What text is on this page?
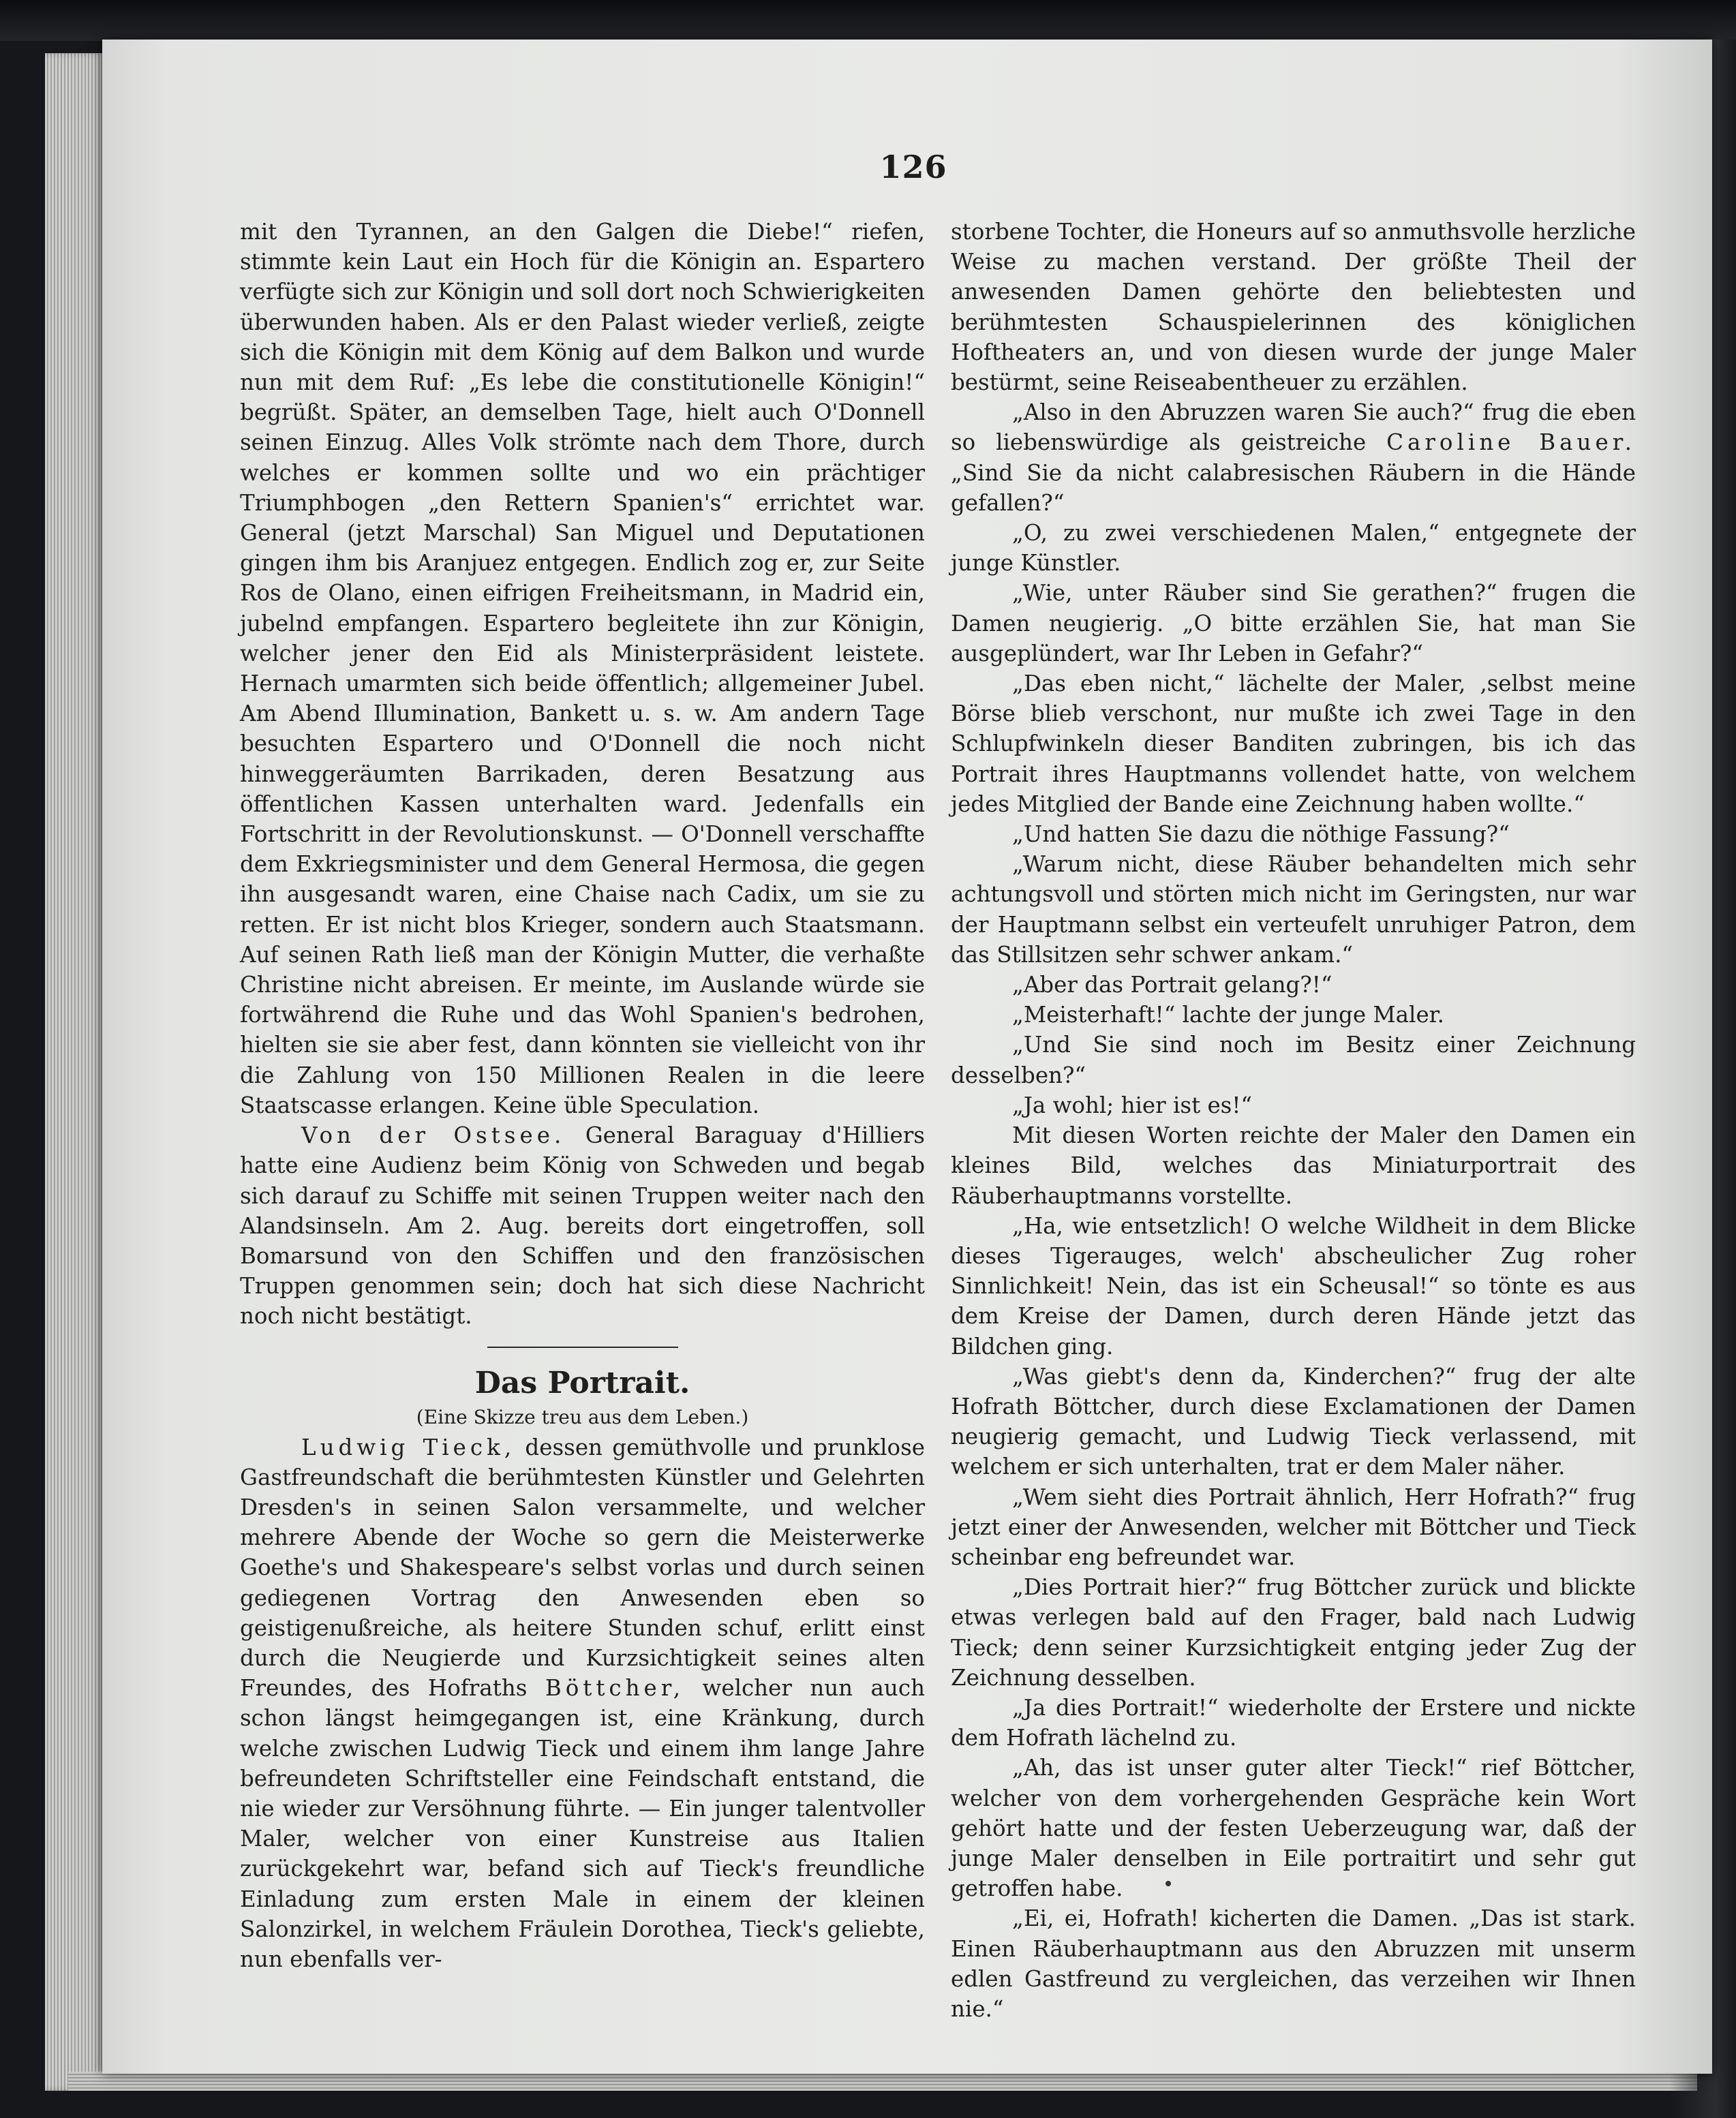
126

mit den Tyrannen, an den Galgen die Diebe!“ riefen, stimmte kein Laut ein Hoch für die Königin an. Espartero verfügte sich zur Königin und soll dort noch Schwierigkeiten überwunden haben. Als er den Palast wieder verließ, zeigte sich die Königin mit dem König auf dem Balkon und wurde nun mit dem Ruf: „Es lebe die constitutionelle Königin!“ begrüßt. Später, an demselben Tage, hielt auch O'Donnell seinen Einzug. Alles Volk strömte nach dem Thore, durch welches er kommen sollte und wo ein prächtiger Triumphbogen „den Rettern Spanien's“ errichtet war. General (jetzt Marschal) San Miguel und Deputationen gingen ihm bis Aranjuez entgegen. Endlich zog er, zur Seite Ros de Olano, einen eifrigen Freiheitsmann, in Madrid ein, jubelnd empfangen. Espartero begleitete ihn zur Königin, welcher jener den Eid als Ministerpräsident leistete. Hernach umarmten sich beide öffentlich; allgemeiner Jubel. Am Abend Illumination, Bankett u. s. w. Am andern Tage besuchten Espartero und O'Donnell die noch nicht hinweggeräumten Barrikaden, deren Besatzung aus öffentlichen Kassen unterhalten ward. Jedenfalls ein Fortschritt in der Revolutionskunst. — O'Donnell verschaffte dem Exkriegsminister und dem General Hermosa, die gegen ihn ausgesandt waren, eine Chaise nach Cadix, um sie zu retten. Er ist nicht blos Krieger, sondern auch Staatsmann. Auf seinen Rath ließ man der Königin Mutter, die verhaßte Christine nicht abreisen. Er meinte, im Auslande würde sie fortwährend die Ruhe und das Wohl Spanien's bedrohen, hielten sie sie aber fest, dann könnten sie vielleicht von ihr die Zahlung von 150 Millionen Realen in die leere Staatscasse erlangen. Keine üble Speculation.

Von der Ostsee. General Baraguay d'Hilliers hatte eine Audienz beim König von Schweden und begab sich darauf zu Schiffe mit seinen Truppen weiter nach den Alandsinseln. Am 2. Aug. bereits dort eingetroffen, soll Bomarsund von den Schiffen und den französischen Truppen genommen sein; doch hat sich diese Nachricht noch nicht bestätigt.

Das Portrait.

(Eine Skizze treu aus dem Leben.)

Ludwig Tieck, dessen gemüthvolle und prunklose Gastfreundschaft die berühmtesten Künstler und Gelehrten Dresden's in seinen Salon versammelte, und welcher mehrere Abende der Woche so gern die Meisterwerke Goethe's und Shakespeare's selbst vorlas und durch seinen gediegenen Vortrag den Anwesenden eben so geistigenußreiche, als heitere Stunden schuf, erlitt einst durch die Neugierde und Kurzsichtigkeit seines alten Freundes, des Hofraths Böttcher, welcher nun auch schon längst heimgegangen ist, eine Kränkung, durch welche zwischen Ludwig Tieck und einem ihm lange Jahre befreundeten Schriftsteller eine Feindschaft entstand, die nie wieder zur Versöhnung führte. — Ein junger talentvoller Maler, welcher von einer Kunstreise aus Italien zurückgekehrt war, befand sich auf Tieck's freundliche Einladung zum ersten Male in einem der kleinen Salonzirkel, in welchem Fräulein Dorothea, Tieck's geliebte, nun ebenfalls ver-

storbene Tochter, die Honeurs auf so anmuthsvolle herzliche Weise zu machen verstand. Der größte Theil der anwesenden Damen gehörte den beliebtesten und berühmtesten Schauspielerinnen des königlichen Hoftheaters an, und von diesen wurde der junge Maler bestürmt, seine Reiseabentheuer zu erzählen.

„Also in den Abruzzen waren Sie auch?“ frug die eben so liebenswürdige als geistreiche Caroline Bauer. „Sind Sie da nicht calabresischen Räubern in die Hände gefallen?“

„O, zu zwei verschiedenen Malen,“ entgegnete der junge Künstler.

„Wie, unter Räuber sind Sie gerathen?“ frugen die Damen neugierig. „O bitte erzählen Sie, hat man Sie ausgeplündert, war Ihr Leben in Gefahr?“

„Das eben nicht,“ lächelte der Maler, ‚selbst meine Börse blieb verschont, nur mußte ich zwei Tage in den Schlupfwinkeln dieser Banditen zubringen, bis ich das Portrait ihres Hauptmanns vollendet hatte, von welchem jedes Mitglied der Bande eine Zeichnung haben wollte.“

„Und hatten Sie dazu die nöthige Fassung?“

„Warum nicht, diese Räuber behandelten mich sehr achtungsvoll und störten mich nicht im Geringsten, nur war der Hauptmann selbst ein verteufelt unruhiger Patron, dem das Stillsitzen sehr schwer ankam.“

„Aber das Portrait gelang?!“

„Meisterhaft!“ lachte der junge Maler.

„Und Sie sind noch im Besitz einer Zeichnung desselben?“

„Ja wohl; hier ist es!“

Mit diesen Worten reichte der Maler den Damen ein kleines Bild, welches das Miniaturportrait des Räuberhauptmanns vorstellte.

„Ha, wie entsetzlich! O welche Wildheit in dem Blicke dieses Tigerauges, welch' abscheulicher Zug roher Sinnlichkeit! Nein, das ist ein Scheusal!“ so tönte es aus dem Kreise der Damen, durch deren Hände jetzt das Bildchen ging.

„Was giebt's denn da, Kinderchen?“ frug der alte Hofrath Böttcher, durch diese Exclamationen der Damen neugierig gemacht, und Ludwig Tieck verlassend, mit welchem er sich unterhalten, trat er dem Maler näher.

„Wem sieht dies Portrait ähnlich, Herr Hofrath?“ frug jetzt einer der Anwesenden, welcher mit Böttcher und Tieck scheinbar eng befreundet war.

„Dies Portrait hier?“ frug Böttcher zurück und blickte etwas verlegen bald auf den Frager, bald nach Ludwig Tieck; denn seiner Kurzsichtigkeit entging jeder Zug der Zeichnung desselben.

„Ja dies Portrait!“ wiederholte der Erstere und nickte dem Hofrath lächelnd zu.

„Ah, das ist unser guter alter Tieck!“ rief Böttcher, welcher von dem vorhergehenden Gespräche kein Wort gehört hatte und der festen Ueberzeugung war, daß der junge Maler denselben in Eile portraitirt und sehr gut getroffen habe.

„Ei, ei, Hofrath! kicherten die Damen. „Das ist stark. Einen Räuberhauptmann aus den Abruzzen mit unserm edlen Gastfreund zu vergleichen, das verzeihen wir Ihnen nie.“
